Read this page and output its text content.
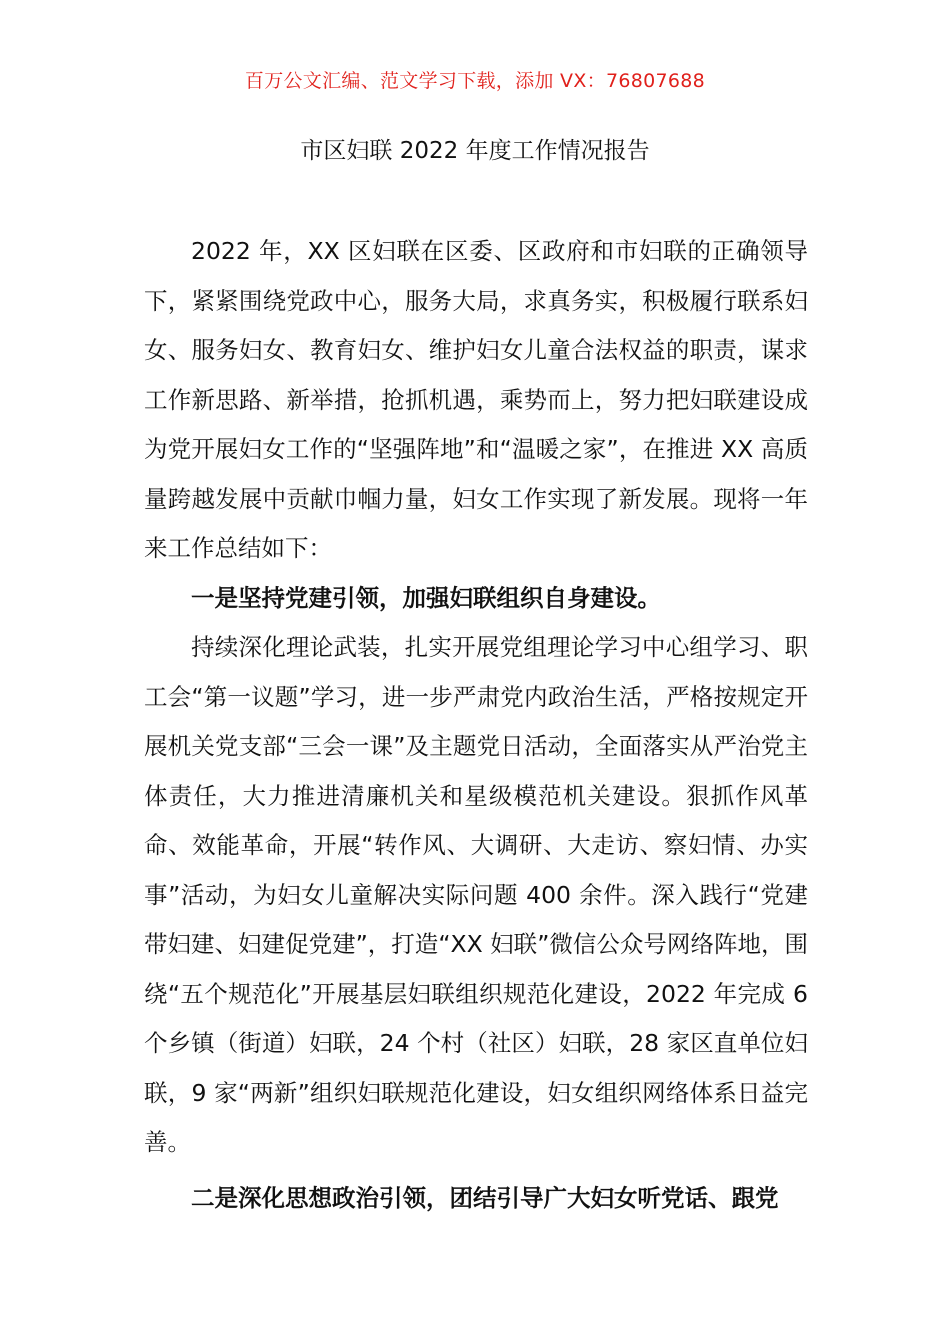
百万公文汇编、范文学习下载，添加 VX：76807688
市区妇联 2022 年度工作情况报告

2022 年，XX 区妇联在区委、区政府和市妇联的正确领导下，紧紧围绕党政中心，服务大局，求真务实，积极履行联系妇女、服务妇女、教育妇女、维护妇女儿童合法权益的职责，谋求工作新思路、新举措，抢抓机遇，乘势而上，努力把妇联建设成为党开展妇女工作的“坚强阵地”和“温暖之家”，在推进 XX 高质量跨越发展中贡献巾帼力量，妇女工作实现了新发展。现将一年来工作总结如下：

一是坚持党建引领，加强妇联组织自身建设。

持续深化理论武装，扎实开展党组理论学习中心组学习、职工会“第一议题”学习，进一步严肃党内政治生活，严格按规定开展机关党支部“三会一课”及主题党日活动，全面落实从严治党主体责任，大力推进清廉机关和星级模范机关建设。狠抓作风革命、效能革命，开展“转作风、大调研、大走访、察妇情、办实事”活动，为妇女儿童解决实际问题 400 余件。深入践行“党建带妇建、妇建促党建”，打造“XX 妇联”微信公众号网络阵地，围绕“五个规范化”开展基层妇联组织规范化建设，2022 年完成 6 个乡镇（街道）妇联，24 个村（社区）妇联，28 家区直单位妇联，9 家“两新”组织妇联规范化建设，妇女组织网络体系日益完善。

二是深化思想政治引领，团结引导广大妇女听党话、跟党
